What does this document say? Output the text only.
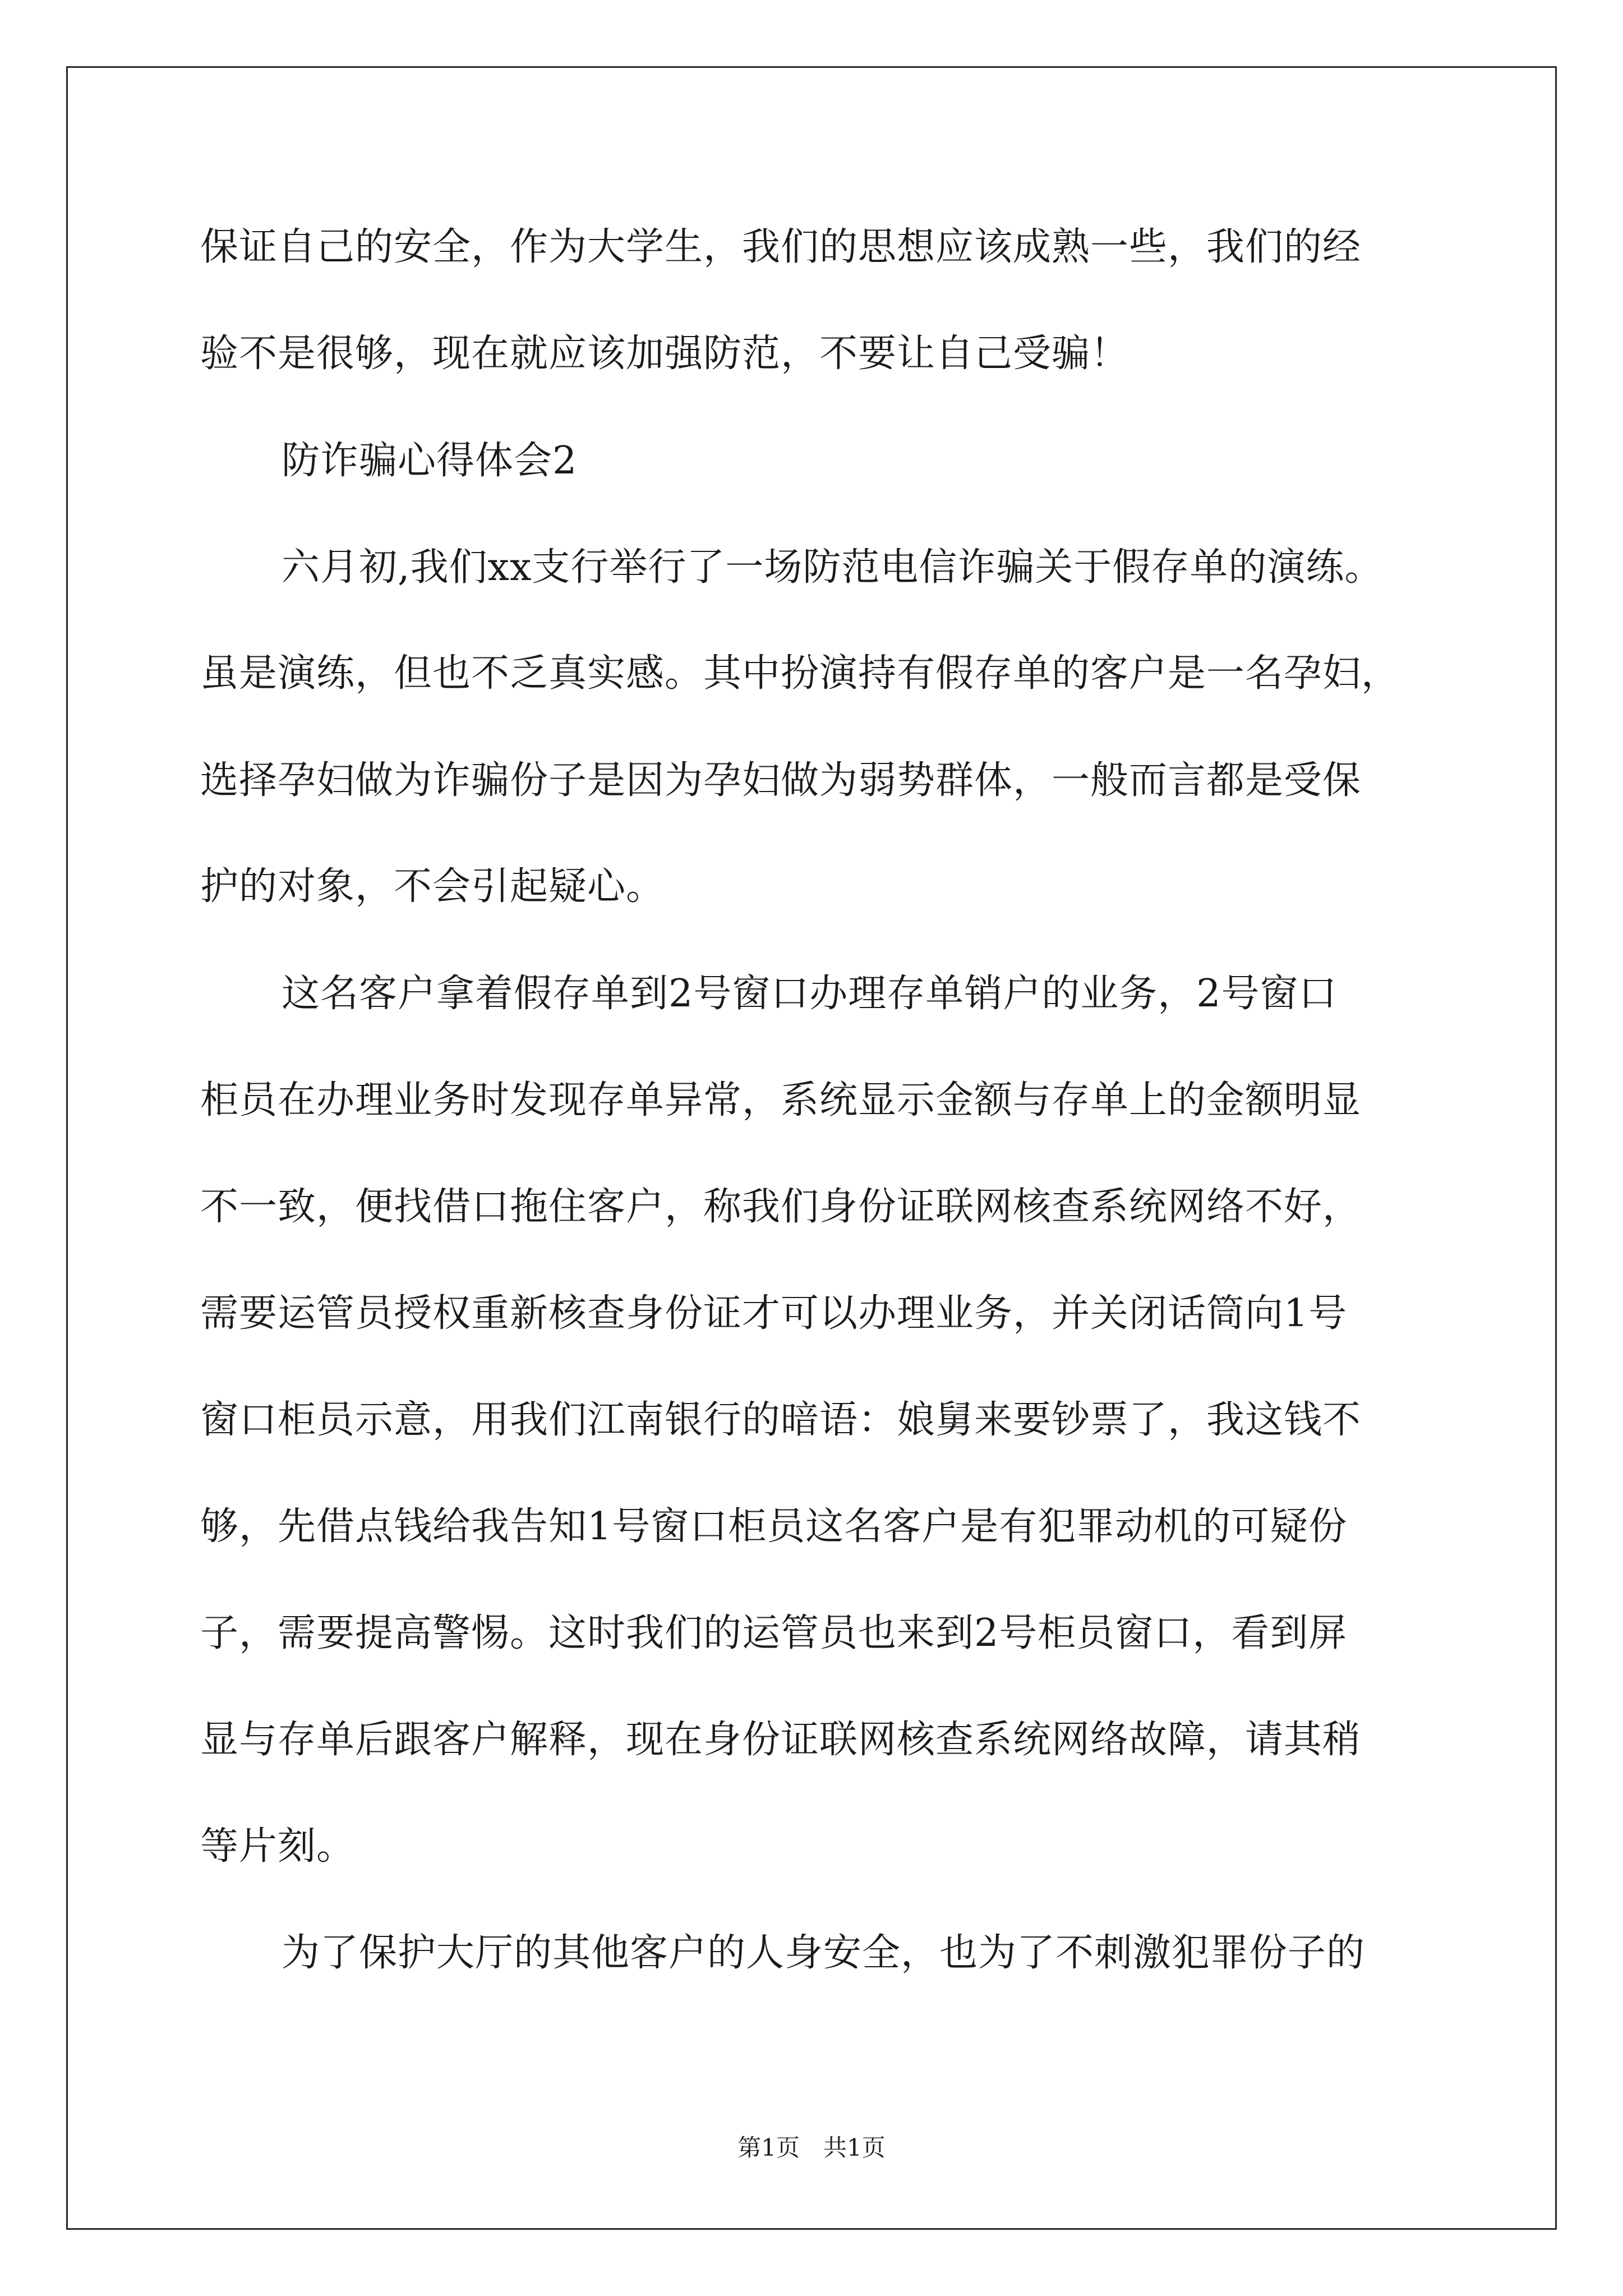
保证自己的安全，作为大学生，我们的思想应该成熟一些，我们的经
验不是很够，现在就应该加强防范，不要让自己受骗！
防诈骗心得体会2
六月初,我们xx支行举行了一场防范电信诈骗关于假存单的演练。
虽是演练，但也不乏真实感。其中扮演持有假存单的客户是一名孕妇，
选择孕妇做为诈骗份子是因为孕妇做为弱势群体，一般而言都是受保
护的对象，不会引起疑心。
这名客户拿着假存单到2号窗口办理存单销户的业务，2号窗口
柜员在办理业务时发现存单异常，系统显示金额与存单上的金额明显
不一致，便找借口拖住客户，称我们身份证联网核查系统网络不好，
需要运管员授权重新核查身份证才可以办理业务，并关闭话筒向1号
窗口柜员示意，用我们江南银行的暗语：娘舅来要钞票了，我这钱不
够，先借点钱给我告知1号窗口柜员这名客户是有犯罪动机的可疑份
子，需要提高警惕。这时我们的运管员也来到2号柜员窗口，看到屏
显与存单后跟客户解释，现在身份证联网核查系统网络故障，请其稍
等片刻。
为了保护大厅的其他客户的人身安全，也为了不刺激犯罪份子的
第1页　共1页
